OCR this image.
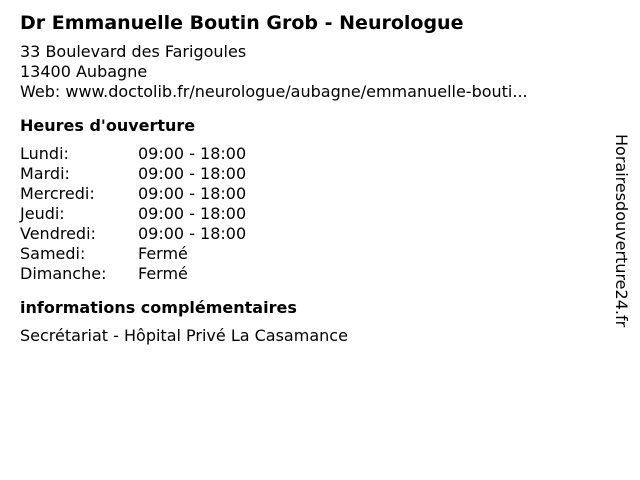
Dr Emmanuelle Boutin Grob - Neurologue
33 Boulevard des Farigoules
13400 Aubagne
Web: www.doctolib.fr/neurologue/aubagne/emmanuelle-bouti...
Heures d'ouverture
Lundi:	09:00 - 18:00
Mardi:	09:00 - 18:00
Mercredi:	09:00 - 18:00
Jeudi:	09:00 - 18:00
Vendredi:	09:00 - 18:00
Samedi:	Fermé
Dimanche:	Fermé
informations complémentaires
Secrétariat - Hôpital Privé La Casamance
Horairesdouverture24.fr
